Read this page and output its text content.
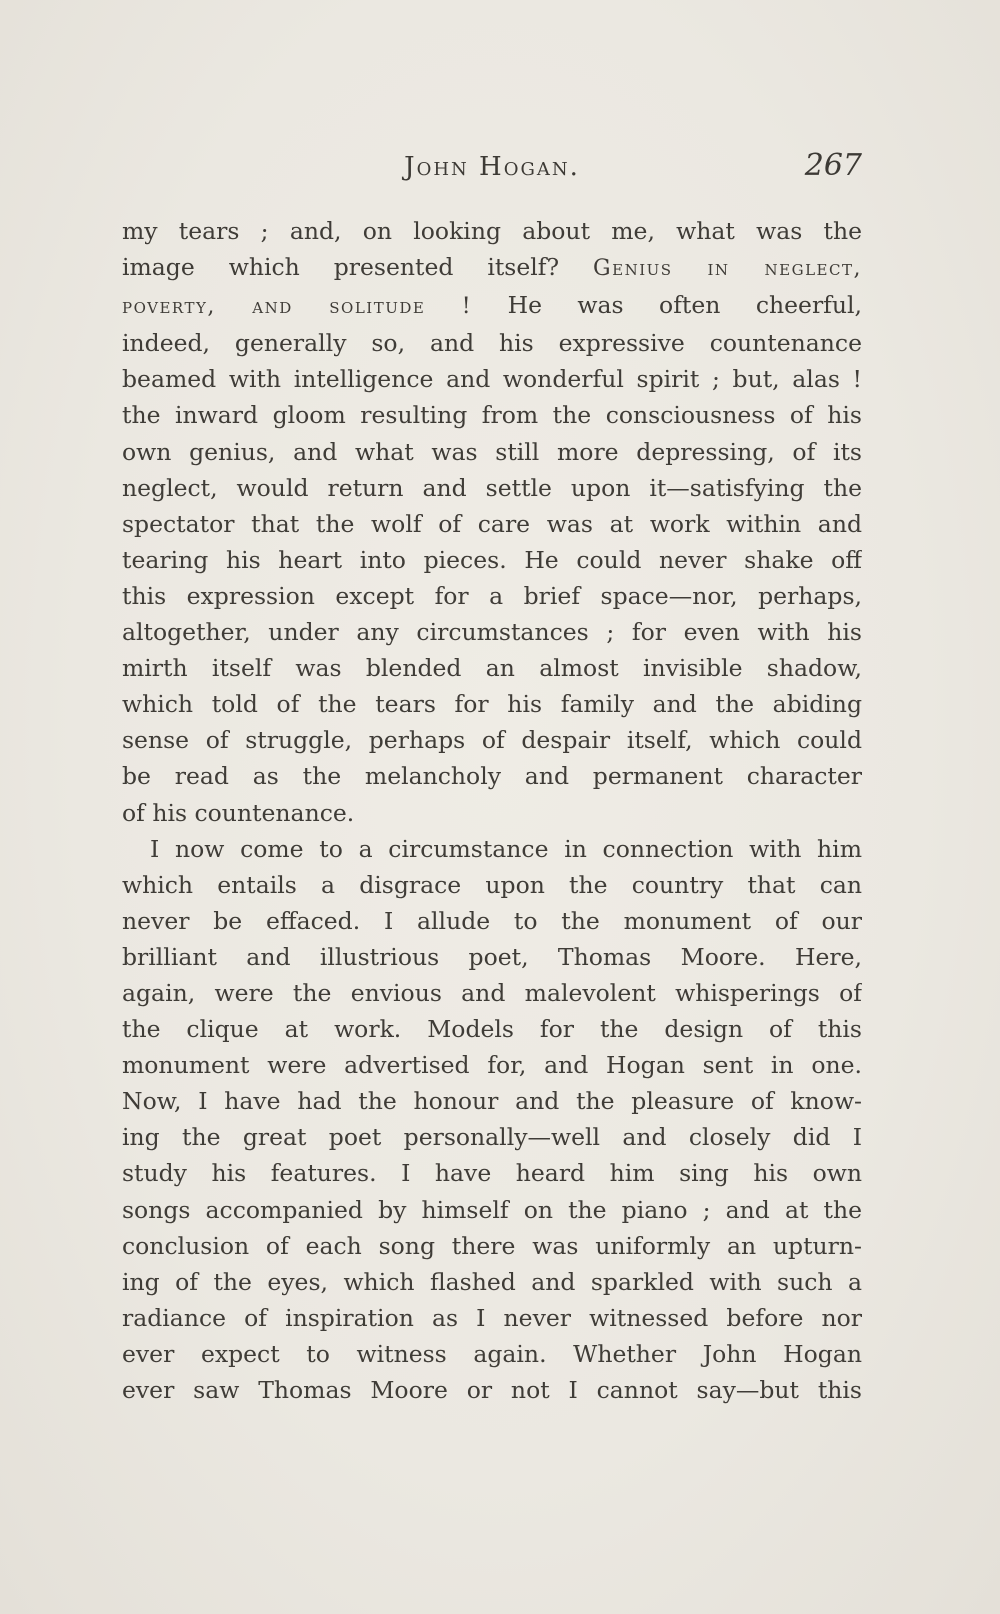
John Hogan.	267
my tears ; and, on looking about me, what was the
image which presented itself? Genius in neglect,
poverty, and solitude ! He was often cheerful,
indeed, generally so, and his expressive countenance
beamed with intelligence and wonderful spirit ; but, alas !
the inward gloom resulting from the consciousness of his
own genius, and what was still more depressing, of its
neglect, would return and settle upon it—satisfying the
spectator that the wolf of care was at work within and
tearing his heart into pieces. He could never shake off
this expression except for a brief space—nor, perhaps,
altogether, under any circumstances ; for even with his
mirth itself was blended an almost invisible shadow,
which told of the tears for his family and the abiding
sense of struggle, perhaps of despair itself, which could
be read as the melancholy and permanent character
of his countenance.
I now come to a circumstance in connection with him
which entails a disgrace upon the country that can
never be effaced. I allude to the monument of our
brilliant and illustrious poet, Thomas Moore. Here,
again, were the envious and malevolent whisperings of
the clique at work. Models for the design of this
monument were advertised for, and Hogan sent in one.
Now, I have had the honour and the pleasure of know-
ing the great poet personally—well and closely did I
study his features. I have heard him sing his own
songs accompanied by himself on the piano ; and at the
conclusion of each song there was uniformly an upturn-
ing of the eyes, which flashed and sparkled with such a
radiance of inspiration as I never witnessed before nor
ever expect to witness again. Whether John Hogan
ever saw Thomas Moore or not I cannot say—but this
